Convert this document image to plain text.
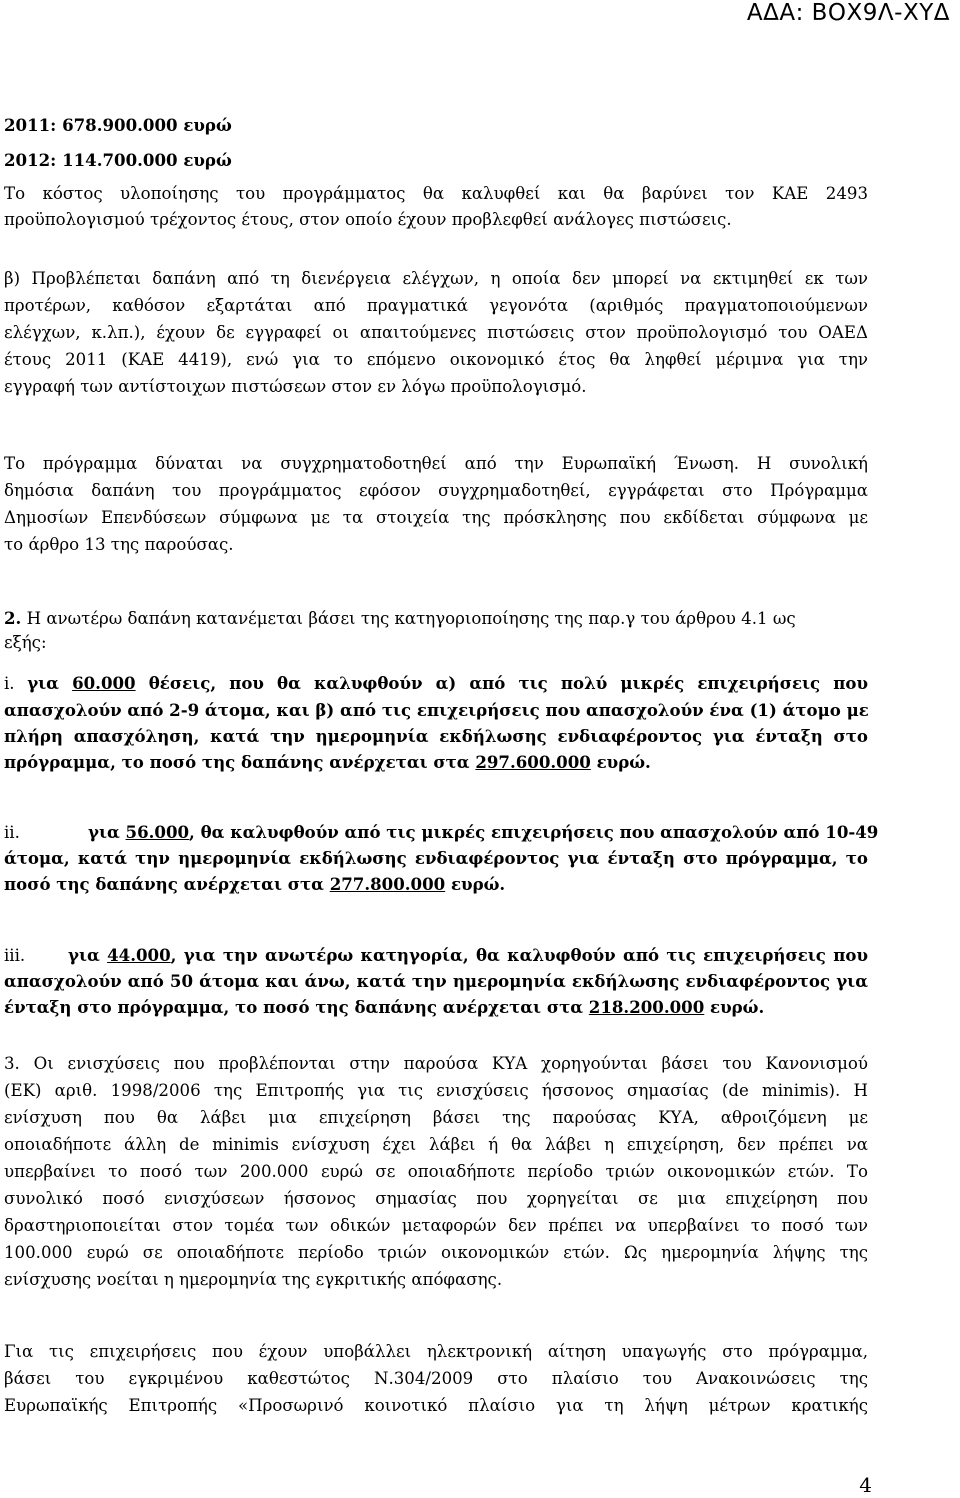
ΑΔΑ: ΒΟΧ9Λ-ΧΥΔ
2011: 678.900.000 ευρώ
2012: 114.700.000 ευρώ
Το κόστος υλοποίησης του προγράμματος θα καλυφθεί και θα βαρύνει τον ΚΑΕ 2493
προϋπολογισμού τρέχοντος έτους, στον οποίο έχουν προβλεφθεί ανάλογες πιστώσεις.
β) Προβλέπεται δαπάνη από τη διενέργεια ελέγχων, η οποία δεν μπορεί να εκτιμηθεί εκ των
προτέρων, καθόσον εξαρτάται από πραγματικά γεγονότα (αριθμός πραγματοποιούμενων
ελέγχων, κ.λπ.), έχουν δε εγγραφεί οι απαιτούμενες πιστώσεις στον προϋπολογισμό του ΟΑΕΔ
έτους 2011 (ΚΑΕ 4419), ενώ για το επόμενο οικονομικό έτος θα ληφθεί μέριμνα για την
εγγραφή των αντίστοιχων πιστώσεων στον εν λόγω προϋπολογισμό.
Το πρόγραμμα δύναται να συγχρηματοδοτηθεί από την Ευρωπαϊκή Ένωση. Η συνολική
δημόσια δαπάνη του προγράμματος εφόσον συγχρημαδοτηθεί, εγγράφεται στο Πρόγραμμα
Δημοσίων Επενδύσεων σύμφωνα με τα στοιχεία της πρόσκλησης που εκδίδεται σύμφωνα με
το άρθρο 13 της παρούσας.
2. Η ανωτέρω δαπάνη κατανέμεται βάσει της κατηγοριοποίησης της παρ.γ του άρθρου 4.1 ως
εξής:
i. για 60.000 θέσεις, που θα καλυφθούν α) από τις πολύ μικρές επιχειρήσεις που
απασχολούν από 2-9 άτομα, και β) από τις επιχειρήσεις που απασχολούν ένα (1) άτομο με
πλήρη απασχόληση, κατά την ημερομηνία εκδήλωσης ενδιαφέροντος για ένταξη στο
πρόγραμμα, το ποσό της δαπάνης ανέρχεται στα 297.600.000 ευρώ.
ii.	για 56.000, θα καλυφθούν από τις μικρές επιχειρήσεις που απασχολούν από 10-49
άτομα, κατά την ημερομηνία εκδήλωσης ενδιαφέροντος για ένταξη στο πρόγραμμα, το
ποσό της δαπάνης ανέρχεται στα 277.800.000 ευρώ.
iii.	για 44.000, για την ανωτέρω κατηγορία, θα καλυφθούν από τις επιχειρήσεις που
απασχολούν από 50 άτομα και άνω, κατά την ημερομηνία εκδήλωσης ενδιαφέροντος για
ένταξη στο πρόγραμμα, το ποσό της δαπάνης ανέρχεται στα 218.200.000 ευρώ.
3. Οι ενισχύσεις που προβλέπονται στην παρούσα ΚΥΑ χορηγούνται βάσει του Κανονισμού
(ΕΚ) αριθ. 1998/2006 της Επιτροπής για τις ενισχύσεις ήσσονος σημασίας (de minimis). Η
ενίσχυση που θα λάβει μια επιχείρηση βάσει της παρούσας ΚΥΑ, αθροιζόμενη με
οποιαδήποτε άλλη de minimis ενίσχυση έχει λάβει ή θα λάβει η επιχείρηση, δεν πρέπει να
υπερβαίνει το ποσό των 200.000 ευρώ σε οποιαδήποτε περίοδο τριών οικονομικών ετών. Το
συνολικό ποσό ενισχύσεων ήσσονος σημασίας που χορηγείται σε μια επιχείρηση που
δραστηριοποιείται στον τομέα των οδικών μεταφορών δεν πρέπει να υπερβαίνει το ποσό των
100.000 ευρώ σε οποιαδήποτε περίοδο τριών οικονομικών ετών. Ως ημερομηνία λήψης της
ενίσχυσης νοείται η ημερομηνία της εγκριτικής απόφασης.
Για τις επιχειρήσεις που έχουν υποβάλλει ηλεκτρονική αίτηση υπαγωγής στο πρόγραμμα,
βάσει του εγκριμένου καθεστώτος Ν.304/2009 στο πλαίσιο του Ανακοινώσεις της
Ευρωπαϊκής Επιτροπής «Προσωρινό κοινοτικό πλαίσιο για τη λήψη μέτρων κρατικής
4
